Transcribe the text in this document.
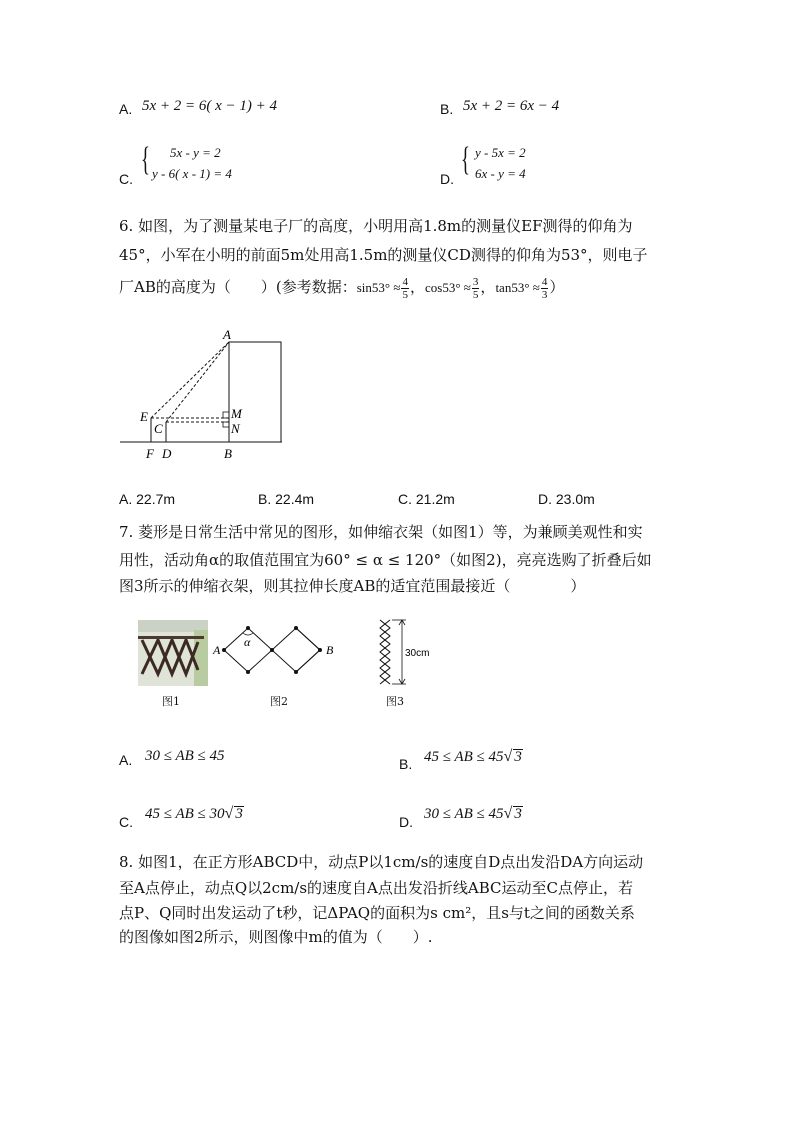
A. 5x + 2 = 6( x − 1) + 4	B. 5x + 2 = 6x − 4
C.
{ 5x - y = 2
y - 6( x - 1) = 4	D.
{ y - 5x = 2
6x - y = 4
6. 如图，为了测量某电子厂的高度，小明用高1.8m的测量仪EF测得的仰角为
45°，小军在小明的前面5m处用高1.5m的测量仪CD测得的仰角为53°，则电子
厂AB的高度为（　　）(参考数据：$\sin 53^\circ \approx \frac{4}{5}$ ，$\cos 53^\circ \approx \frac{3}{5}$ ，$\tan 53^\circ \approx \frac{4}{3}$ ）
A
E	M
C	N
F D	B
A. 22.7m	B. 22.4m	C. 21.2m	D. 23.0m
7. 菱形是日常生活中常见的图形，如伸缩衣架（如图1）等，为兼顾美观性和实
用性，活动角α的取值范围宜为60° ≤ α ≤ 120°（如图2)，亮亮选购了折叠后如
图3所示的伸缩衣架，则其拉伸长度AB的适宜范围最接近（　　　　）
图1
A	B
α
图2
30cm
图3
A. 30 ≤ AB ≤ 45	B. 45 ≤ AB ≤ 45√ 3
C. 45 ≤ AB ≤ 30√ 3	D. 30 ≤ AB ≤ 45√ 3
8. 如图1，在正方形ABCD中，动点P以1cm/s的速度自D点出发沿DA方向运动
至A点停止，动点Q以2cm/s的速度自A点出发沿折线ABC运动至C点停止，若
点P、Q同时出发运动了t秒，记ΔPAQ的面积为s cm²，且s与t之间的函数关系
的图像如图2所示，则图像中m的值为（　　）.
